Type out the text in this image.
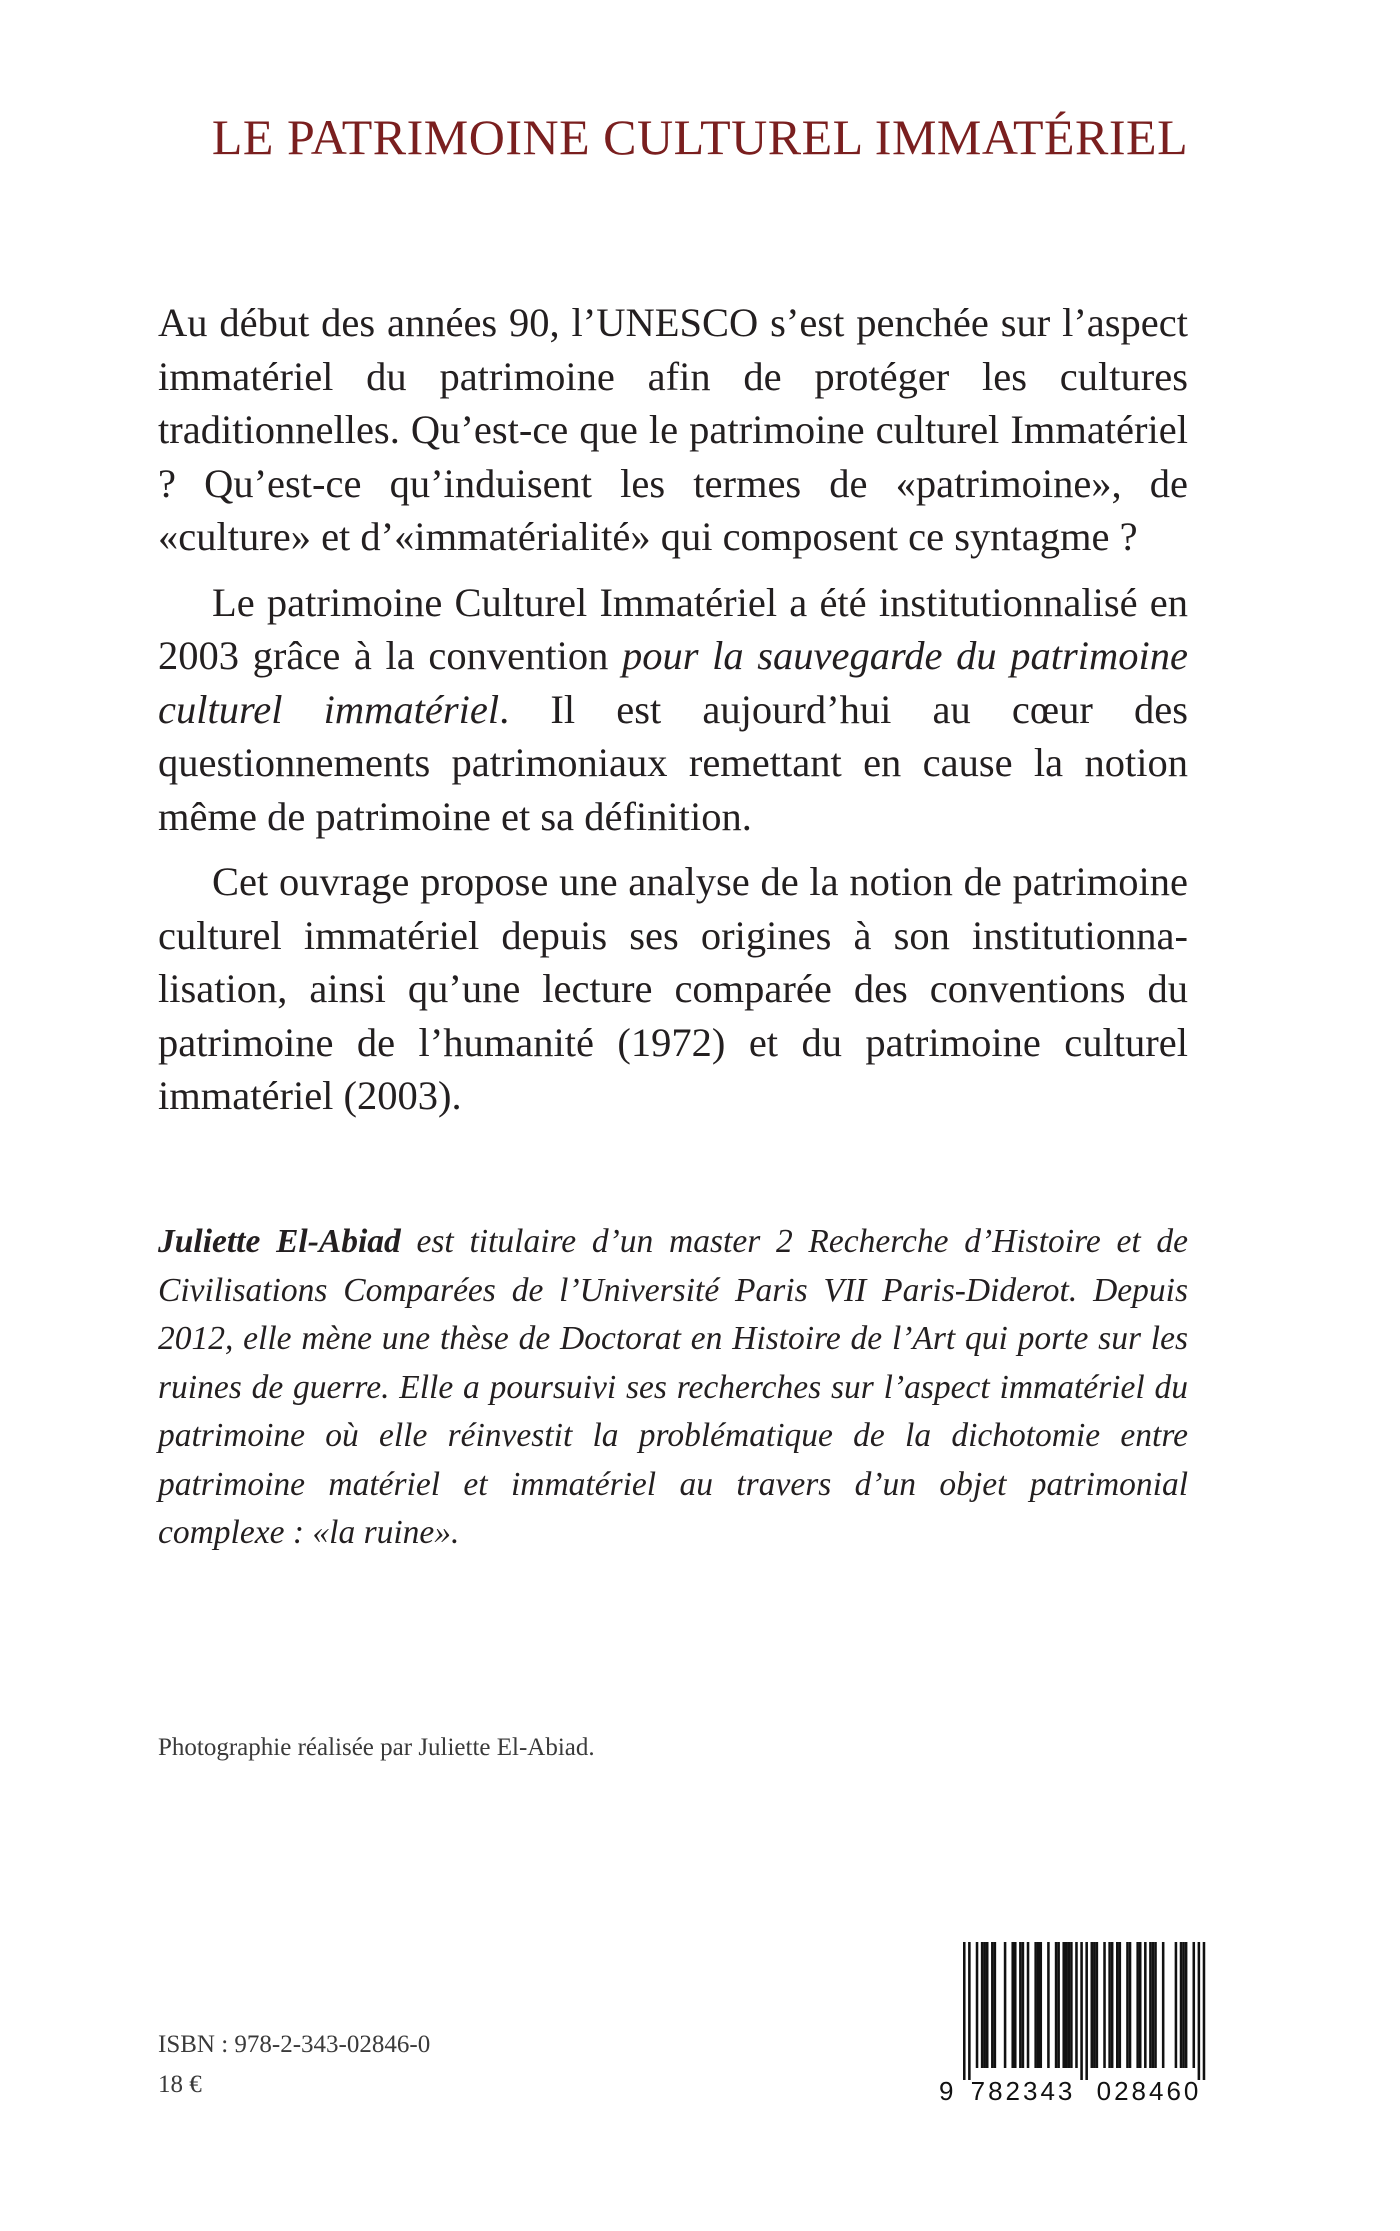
LE PATRIMOINE CULTUREL IMMATÉRIEL

Au début des années 90, l’UNESCO s’est penchée sur l’aspect immatériel du patrimoine afin de protéger les cultures traditionnelles. Qu’est-ce que le patrimoine culturel Immatériel ? Qu’est-ce qu’induisent les termes de «patrimoine», de «culture» et d’«immatérialité» qui composent ce syntagme ?

Le patrimoine Culturel Immatériel a été institutionnalisé en 2003 grâce à la convention pour la sauvegarde du patrimoine culturel immatériel. Il est aujourd’hui au cœur des questionnements patrimoniaux remettant en cause la notion même de patrimoine et sa définition.

Cet ouvrage propose une analyse de la notion de patrimoine culturel immatériel depuis ses origines à son institutionnalisation, ainsi qu’une lecture comparée des conventions du patrimoine de l’humanité (1972) et du patrimoine culturel immatériel (2003).

Juliette El-Abiad est titulaire d’un master 2 Recherche d’Histoire et de Civilisations Comparées de l’Université Paris VII Paris-Diderot. Depuis 2012, elle mène une thèse de Doctorat en Histoire de l’Art qui porte sur les ruines de guerre. Elle a poursuivi ses recherches sur l’aspect immatériel du patrimoine où elle réinvestit la problématique de la dichotomie entre patrimoine matériel et immatériel au travers d’un objet patrimonial complexe : «la ruine».

Photographie réalisée par Juliette El-Abiad.
ISBN : 978-2-343-02846-0
18 €	9 782343 028460
